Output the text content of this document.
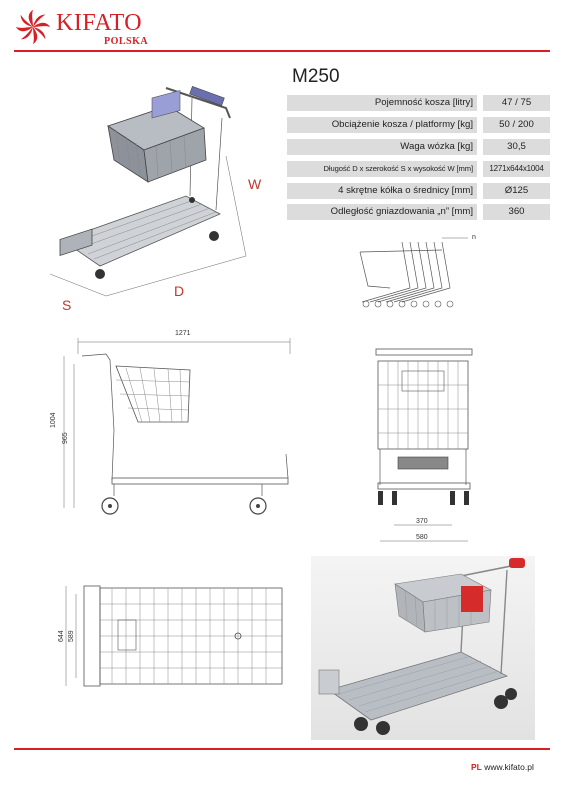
KIFATO
POLSKA
M250
Pojemność kosza [litry]	47 / 75
Obciążenie kosza / platformy [kg]	50 / 200
Waga wózka [kg]	30,5
Długość D x szerokość S x wysokość W [mm]	1271x644x1004
4 skrętne kółka o średnicy [mm]	Ø125
Odległość gniazdowania „n” [mm]	360
W
D
S
n
1271
1004
965
370
580
644 589
PL www.kifato.pl
